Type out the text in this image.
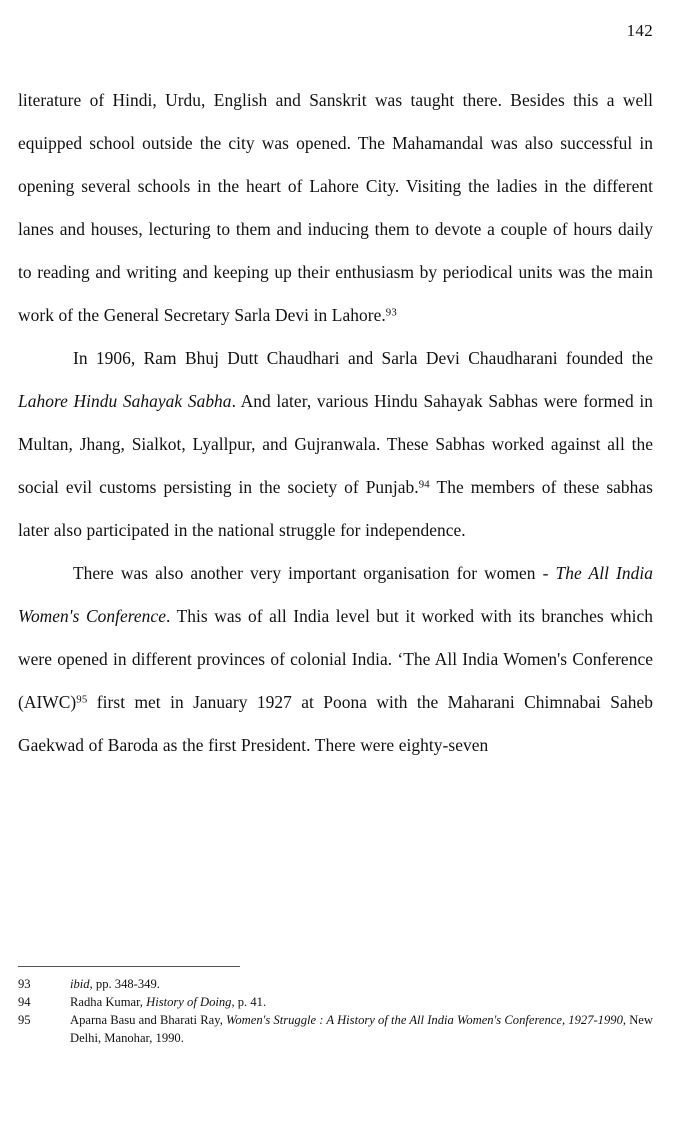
142

literature of Hindi, Urdu, English and Sanskrit was taught there. Besides this a well equipped school outside the city was opened. The Mahamandal was also successful in opening several schools in the heart of Lahore City. Visiting the ladies in the different lanes and houses, lecturing to them and inducing them to devote a couple of hours daily to reading and writing and keeping up their enthusiasm by periodical units was the main work of the General Secretary Sarla Devi in Lahore.$^{93}$

In 1906, Ram Bhuj Dutt Chaudhari and Sarla Devi Chaudharani founded the Lahore Hindu Sahayak Sabha. And later, various Hindu Sahayak Sabhas were formed in Multan, Jhang, Sialkot, Lyallpur, and Gujranwala. These Sabhas worked against all the social evil customs persisting in the society of Punjab.$^{94}$ The members of these sabhas later also participated in the national struggle for independence.

There was also another very important organisation for women - The All India Women's Conference. This was of all India level but it worked with its branches which were opened in different provinces of colonial India. ‘The All India Women's Conference (AIWC)$^{95}$ first met in January 1927 at Poona with the Maharani Chimnabai Saheb Gaekwad of Baroda as the first President. There were eighty-seven

93	ibid, pp. 348-349.
94	Radha Kumar, History of Doing, p. 41.
95	Aparna Basu and Bharati Ray, Women's Struggle : A History of the All India Women's Conference, 1927-1990, New Delhi, Manohar, 1990.
